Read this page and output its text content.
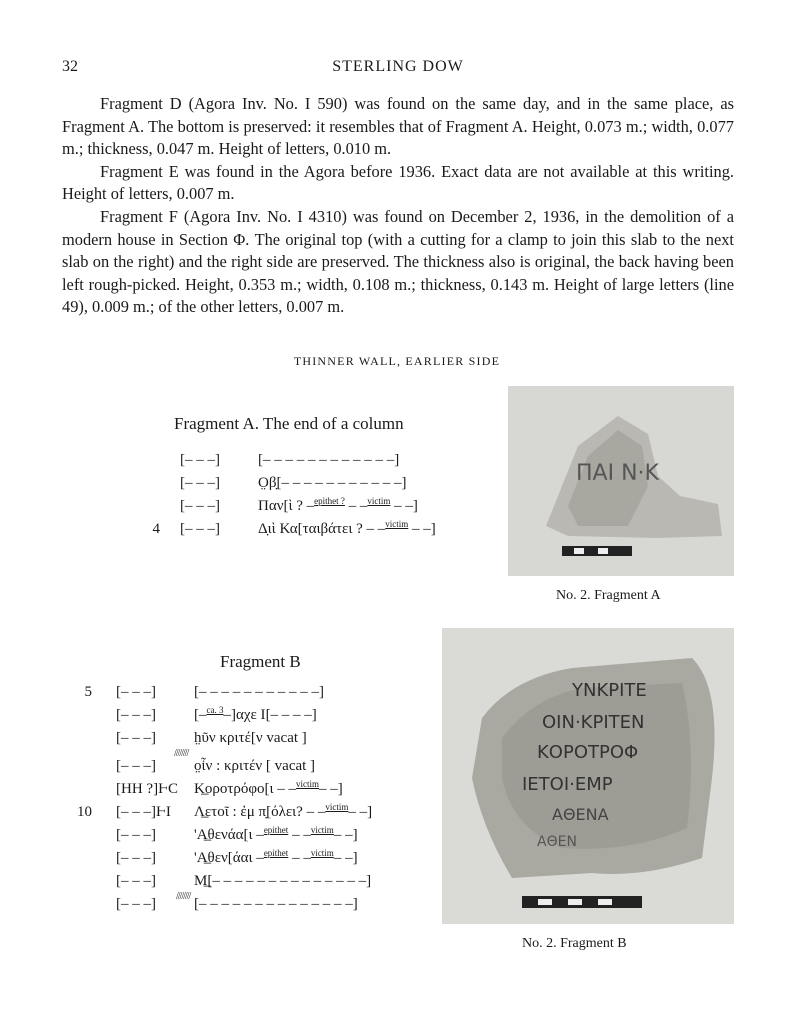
32	STERLING DOW

Fragment D (Agora Inv. No. I 590) was found on the same day, and in the same place, as Fragment A. The bottom is preserved: it resembles that of Fragment A. Height, 0.073 m.; width, 0.077 m.; thickness, 0.047 m. Height of letters, 0.010 m.

Fragment E was found in the Agora before 1936. Exact data are not available at this writing. Height of letters, 0.007 m.

Fragment F (Agora Inv. No. I 4310) was found on December 2, 1936, in the demolition of a modern house in Section Φ. The original top (with a cutting for a clamp to join this slab to the next slab on the right) and the right side are preserved. The thickness also is original, the back having been left rough-picked. Height, 0.353 m.; width, 0.108 m.; thickness, 0.143 m. Height of large letters (line 49), 0.009 m.; of the other letters, 0.007 m.

THINNER WALL, EARLIER SIDE
Fragment A. The end of a column
[– – –]	[– – – – – – – – – – – –]
[– – –]	O̤β̣[– – – – – – – – – – –]
[– – –]	Παν[ὶ ? –$^{epithet ?}$ – –$^{victim}$ – –]
4 [– – –]	Δ̣ιὶ Κα[ταιβάτει ? – –$^{victim}$ – –]
ΠΑΙ Ν·Κ
No. 2. Fragment A
Fragment B
5 [– – –]	[– – – – – – – – – – –]
[– – –]	[–$^{ca. 3}$–]αχε I[– – – –]
[– – –]	h̤ῦν κριτέ[ν vacat ]
////////
[– – –]	o̤ἶν : κριτέν [ vacat ]
[ΗΗ ?]ⱵC Κ̲οροτρόφο[ι – –$^{victim}$– –]
10 [– – –]ⱵΙ Λ̲ετοῖ : ἐμ π̣[όλει? – –$^{victim}$– –]
[– – –]	'Α̲θενάα[ι –$^{epithet}$ – –$^{victim}$– –]
[– – –]	'Α̲θεν[άαι –$^{epithet}$ – –$^{victim}$– –]
[– – –]	Μ̲[– – – – – – – – – – – – – –]
////////
[– – –]	[– – – – – – – – – – – – – –]
ΥΝΚΡΙΤΕ
ΟΙΝ·ΚΡΙΤΕΝ
ΚΟΡΟΤΡΟΦ
ΙΕΤΟΙ·ΕΜΡ
ΑΘΕΝΑ
ΑΘΕΝ
No. 2. Fragment B
